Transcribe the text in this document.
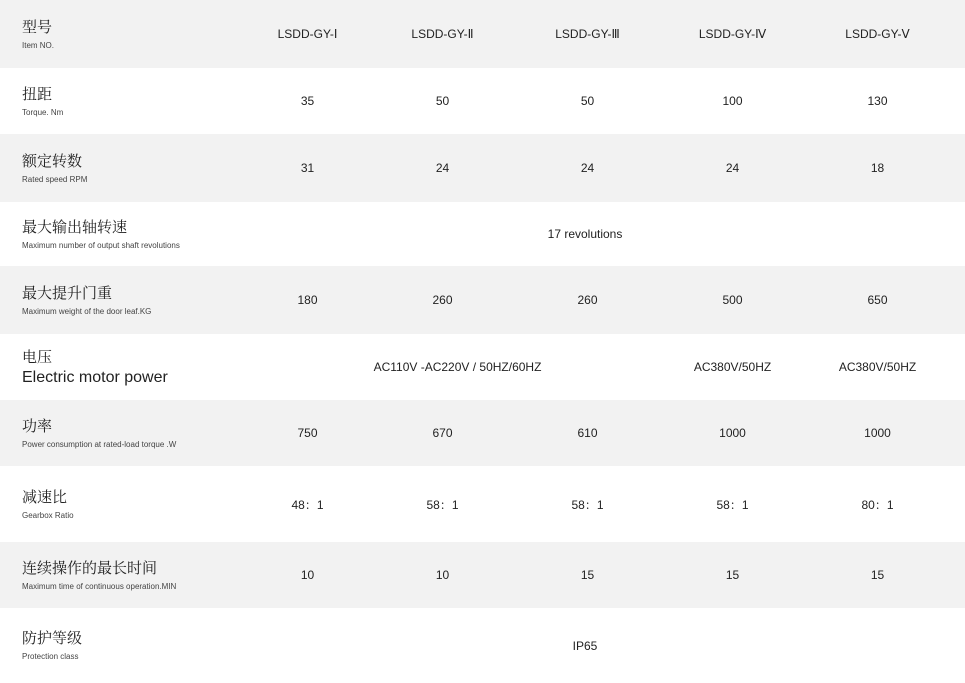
型号
Item NO.
LSDD-GY-Ⅰ	LSDD-GY-Ⅱ	LSDD-GY-Ⅲ	LSDD-GY-Ⅳ	LSDD-GY-Ⅴ
扭距
Torque. Nm
35	50	50	100	130
额定转数
Rated speed RPM
31	24	24	24	18
最大输出轴转速
Maximum number of output shaft revolutions
17 revolutions
最大提升门重
Maximum weight of the door leaf.KG
180	260	260	500	650
电压
Electric motor power
AC110V -AC220V / 50HZ/60HZ	AC380V/50HZ	AC380V/50HZ
功率
Power consumption at rated-load torque .W
750	670	610	1000	1000
减速比
Gearbox Ratio
48：1	58：1	58：1	58：1	80：1
连续操作的最长时间
Maximum time of continuous operation.MIN
10	10	15	15	15
防护等级
Protection class
IP65
